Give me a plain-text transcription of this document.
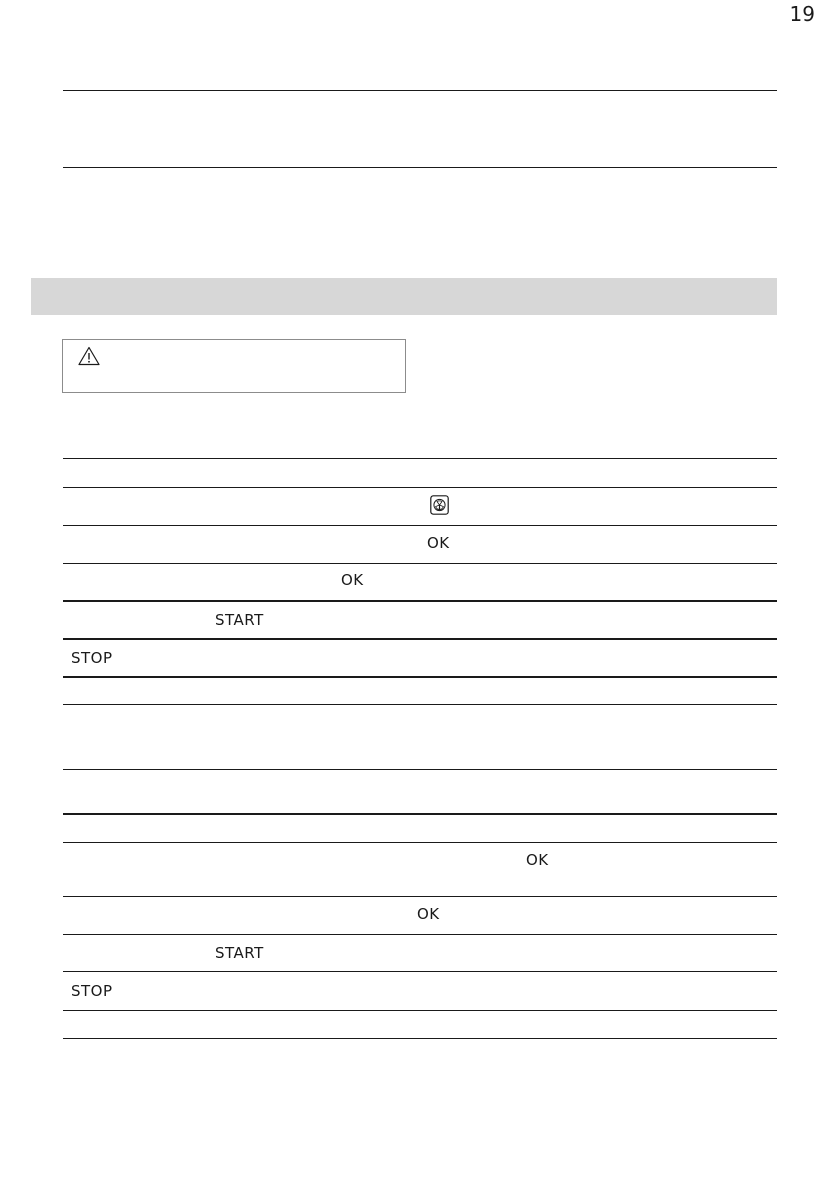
19
OK
OK
START
STOP
OK
OK
START
STOP
